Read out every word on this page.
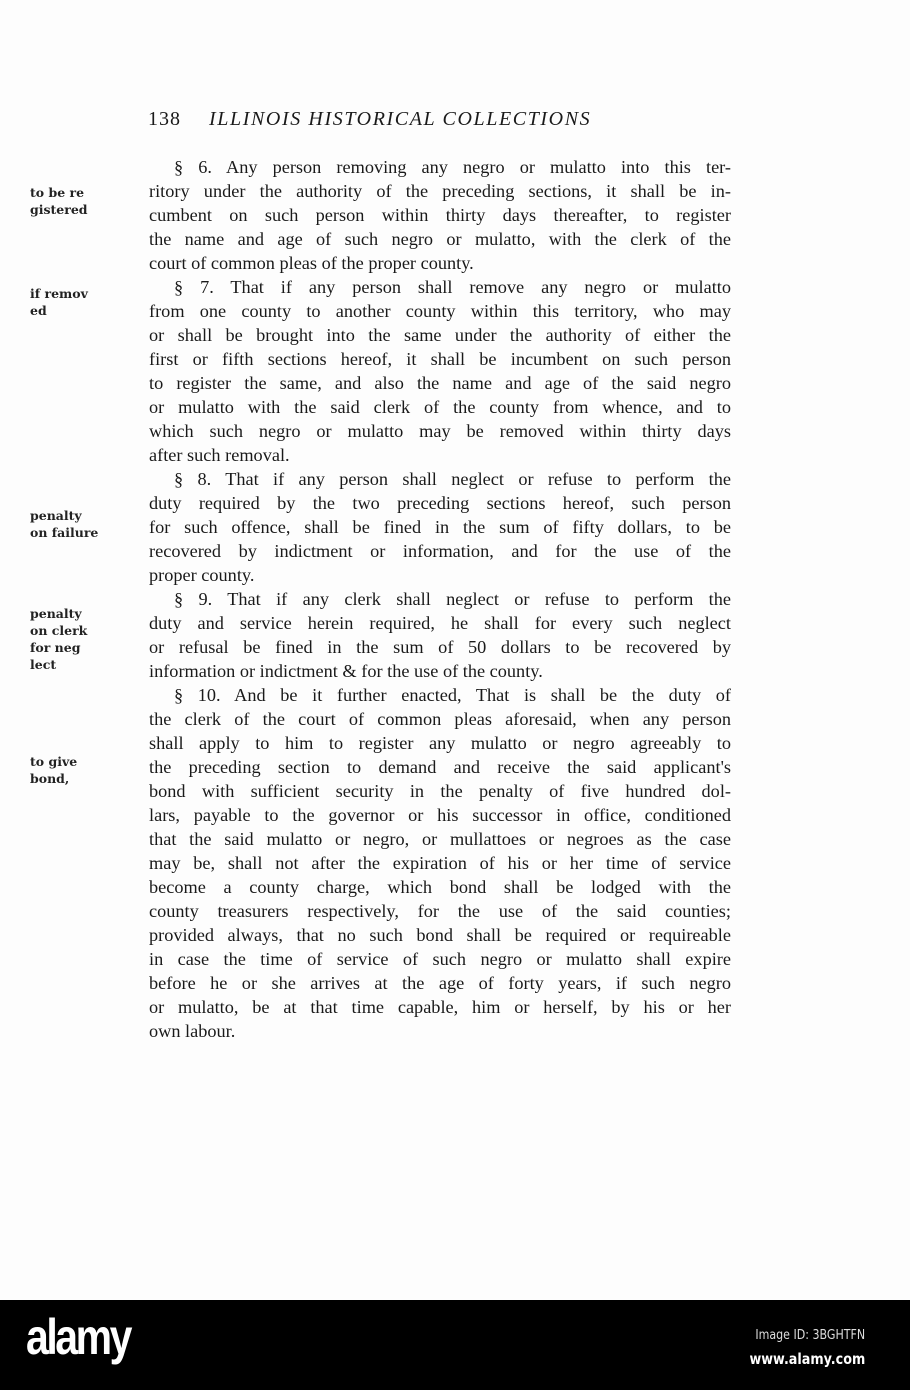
138 ILLINOIS HISTORICAL COLLECTIONS
§ 6. Any person removing any negro or mulatto into this ter-
ritory under the authority of the preceding sections, it shall be in-
cumbent on such person within thirty days thereafter, to register
the name and age of such negro or mulatto, with the clerk of the
court of common pleas of the proper county.
§ 7. That if any person shall remove any negro or mulatto
from one county to another county within this territory, who may
or shall be brought into the same under the authority of either the
first or fifth sections hereof, it shall be incumbent on such person
to register the same, and also the name and age of the said negro
or mulatto with the said clerk of the county from whence, and to
which such negro or mulatto may be removed within thirty days
after such removal.
§ 8. That if any person shall neglect or refuse to perform the
duty required by the two preceding sections hereof, such person
for such offence, shall be fined in the sum of fifty dollars, to be
recovered by indictment or information, and for the use of the
proper county.
§ 9. That if any clerk shall neglect or refuse to perform the
duty and service herein required, he shall for every such neglect
or refusal be fined in the sum of 50 dollars to be recovered by
information or indictment & for the use of the county.
§ 10. And be it further enacted, That is shall be the duty of
the clerk of the court of common pleas aforesaid, when any person
shall apply to him to register any mulatto or negro agreeably to
the preceding section to demand and receive the said applicant's
bond with sufficient security in the penalty of five hundred dol-
lars, payable to the governor or his successor in office, conditioned
that the said mulatto or negro, or mullattoes or negroes as the case
may be, shall not after the expiration of his or her time of service
become a county charge, which bond shall be lodged with the
county treasurers respectively, for the use of the said counties;
provided always, that no such bond shall be required or requireable
in case the time of service of such negro or mulatto shall expire
before he or she arrives at the age of forty years, if such negro
or mulatto, be at that time capable, him or herself, by his or her
own labour.
to be re
gistered
if remov
ed
penalty
on failure
penalty
on clerk
for neg
lect
to give
bond,
alamy	Image ID: 3BGHTFN
www.alamy.com
